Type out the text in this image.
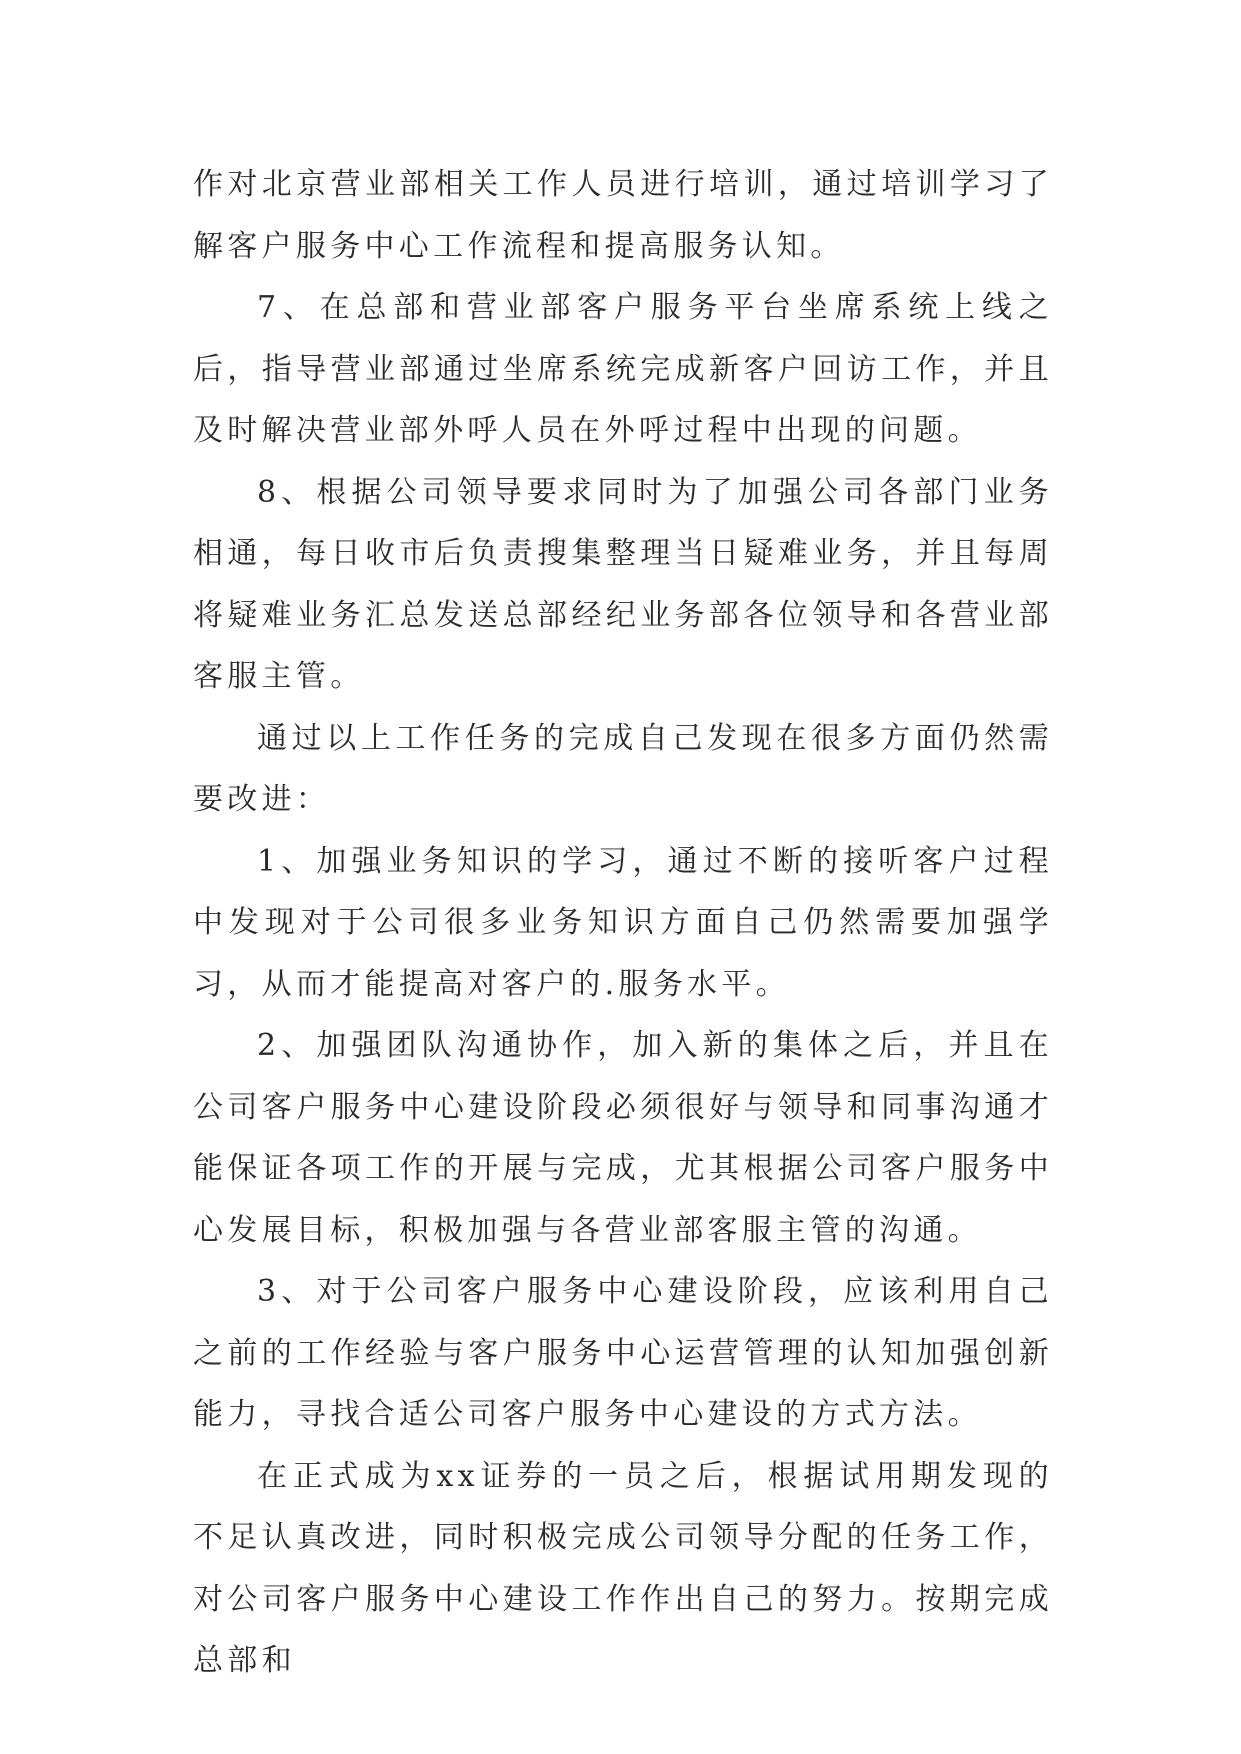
作对北京营业部相关工作人员进行培训，通过培训学习了解客户服务中心工作流程和提高服务认知。

7、在总部和营业部客户服务平台坐席系统上线之后，指导营业部通过坐席系统完成新客户回访工作，并且及时解决营业部外呼人员在外呼过程中出现的问题。

8、根据公司领导要求同时为了加强公司各部门业务相通，每日收市后负责搜集整理当日疑难业务，并且每周将疑难业务汇总发送总部经纪业务部各位领导和各营业部客服主管。

通过以上工作任务的完成自己发现在很多方面仍然需要改进：

1、加强业务知识的学习，通过不断的接听客户过程中发现对于公司很多业务知识方面自己仍然需要加强学习，从而才能提高对客户的.服务水平。

2、加强团队沟通协作，加入新的集体之后，并且在公司客户服务中心建设阶段必须很好与领导和同事沟通才能保证各项工作的开展与完成，尤其根据公司客户服务中心发展目标，积极加强与各营业部客服主管的沟通。

3、对于公司客户服务中心建设阶段，应该利用自己之前的工作经验与客户服务中心运营管理的认知加强创新能力，寻找合适公司客户服务中心建设的方式方法。

在正式成为xx证券的一员之后，根据试用期发现的不足认真改进，同时积极完成公司领导分配的任务工作，对公司客户服务中心建设工作作出自己的努力。按期完成总部和
